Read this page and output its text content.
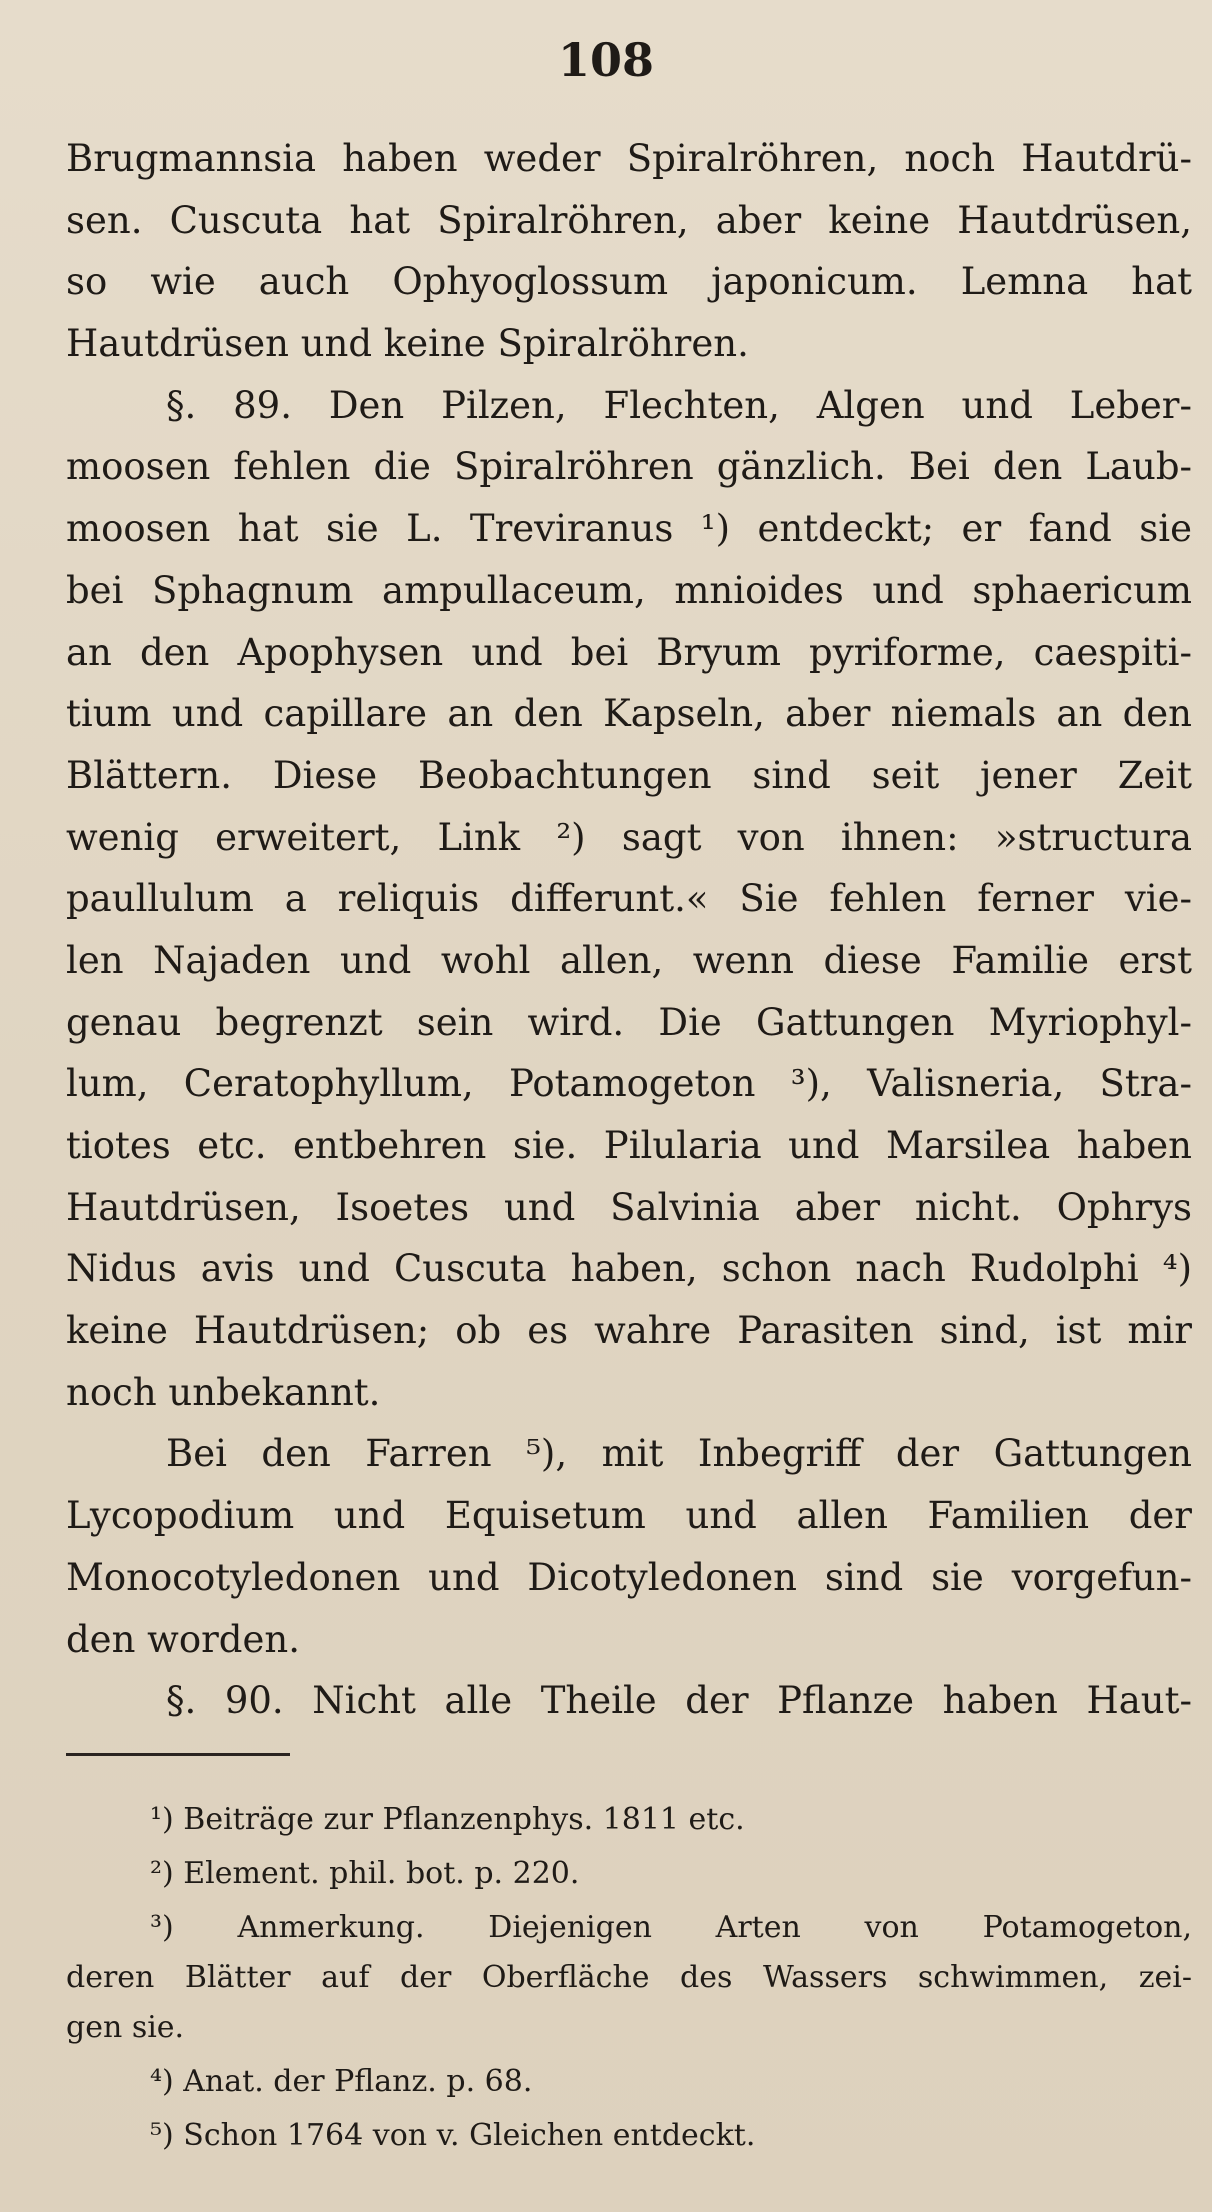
108
Brugmannsia haben weder Spiralröhren, noch Hautdrü-
sen. Cuscuta hat Spiralröhren, aber keine Hautdrüsen,
so wie auch Ophyoglossum japonicum. Lemna hat
Hautdrüsen und keine Spiralröhren.
§. 89. Den Pilzen, Flechten, Algen und Leber-
moosen fehlen die Spiralröhren gänzlich. Bei den Laub-
moosen hat sie L. Treviranus ¹) entdeckt; er fand sie
bei Sphagnum ampullaceum, mnioides und sphaericum
an den Apophysen und bei Bryum pyriforme, caespiti-
tium und capillare an den Kapseln, aber niemals an den
Blättern. Diese Beobachtungen sind seit jener Zeit
wenig erweitert, Link ²) sagt von ihnen: »structura
paullulum a reliquis differunt.« Sie fehlen ferner vie-
len Najaden und wohl allen, wenn diese Familie erst
genau begrenzt sein wird. Die Gattungen Myriophyl-
lum, Ceratophyllum, Potamogeton ³), Valisneria, Stra-
tiotes etc. entbehren sie. Pilularia und Marsilea haben
Hautdrüsen, Isoetes und Salvinia aber nicht. Ophrys
Nidus avis und Cuscuta haben, schon nach Rudolphi ⁴)
keine Hautdrüsen; ob es wahre Parasiten sind, ist mir
noch unbekannt.
Bei den Farren ⁵), mit Inbegriff der Gattungen
Lycopodium und Equisetum und allen Familien der
Monocotyledonen und Dicotyledonen sind sie vorgefun-
den worden.
§. 90. Nicht alle Theile der Pflanze haben Haut-
¹) Beiträge zur Pflanzenphys. 1811 etc.
²) Element. phil. bot. p. 220.
³) Anmerkung. Diejenigen Arten von Potamogeton,
deren Blätter auf der Oberfläche des Wassers schwimmen, zei-
gen sie.
⁴) Anat. der Pflanz. p. 68.
⁵) Schon 1764 von v. Gleichen entdeckt.
